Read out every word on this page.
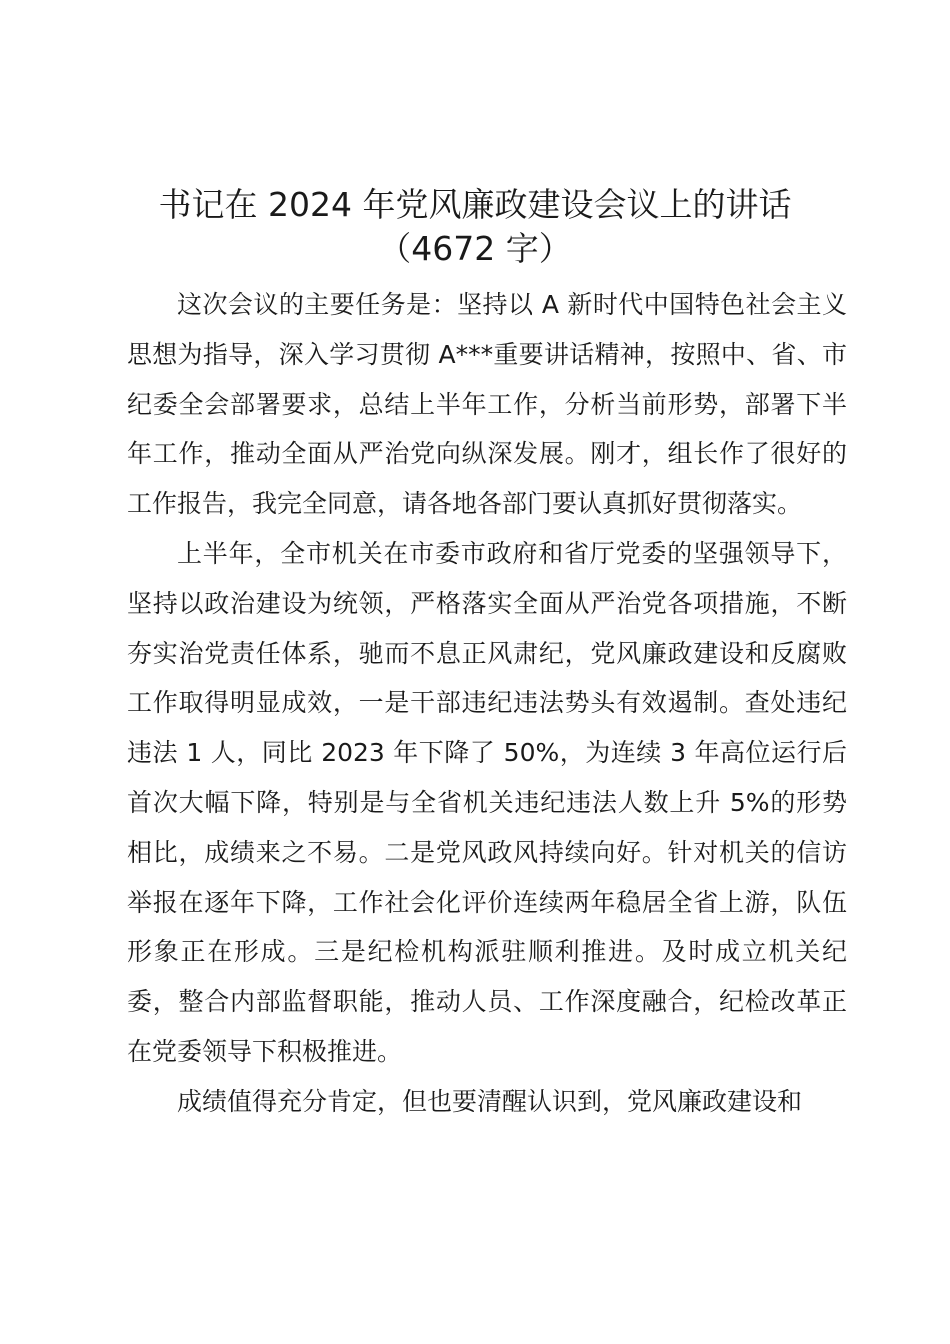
书记在 2024 年党风廉政建设会议上的讲话
（4672 字）

这次会议的主要任务是：坚持以 A 新时代中国特色社会主义思想为指导，深入学习贯彻 A***重要讲话精神，按照中、省、市纪委全会部署要求，总结上半年工作，分析当前形势，部署下半年工作，推动全面从严治党向纵深发展。刚才，组长作了很好的工作报告，我完全同意，请各地各部门要认真抓好贯彻落实。

上半年，全市机关在市委市政府和省厅党委的坚强领导下，坚持以政治建设为统领，严格落实全面从严治党各项措施，不断夯实治党责任体系，驰而不息正风肃纪，党风廉政建设和反腐败工作取得明显成效，一是干部违纪违法势头有效遏制。查处违纪违法 1 人，同比 2023 年下降了 50%，为连续 3 年高位运行后首次大幅下降，特别是与全省机关违纪违法人数上升 5%的形势相比，成绩来之不易。二是党风政风持续向好。针对机关的信访举报在逐年下降，工作社会化评价连续两年稳居全省上游，队伍形象正在形成。三是纪检机构派驻顺利推进。及时成立机关纪委，整合内部监督职能，推动人员、工作深度融合，纪检改革正在党委领导下积极推进。

成绩值得充分肯定，但也要清醒认识到，党风廉政建设和
